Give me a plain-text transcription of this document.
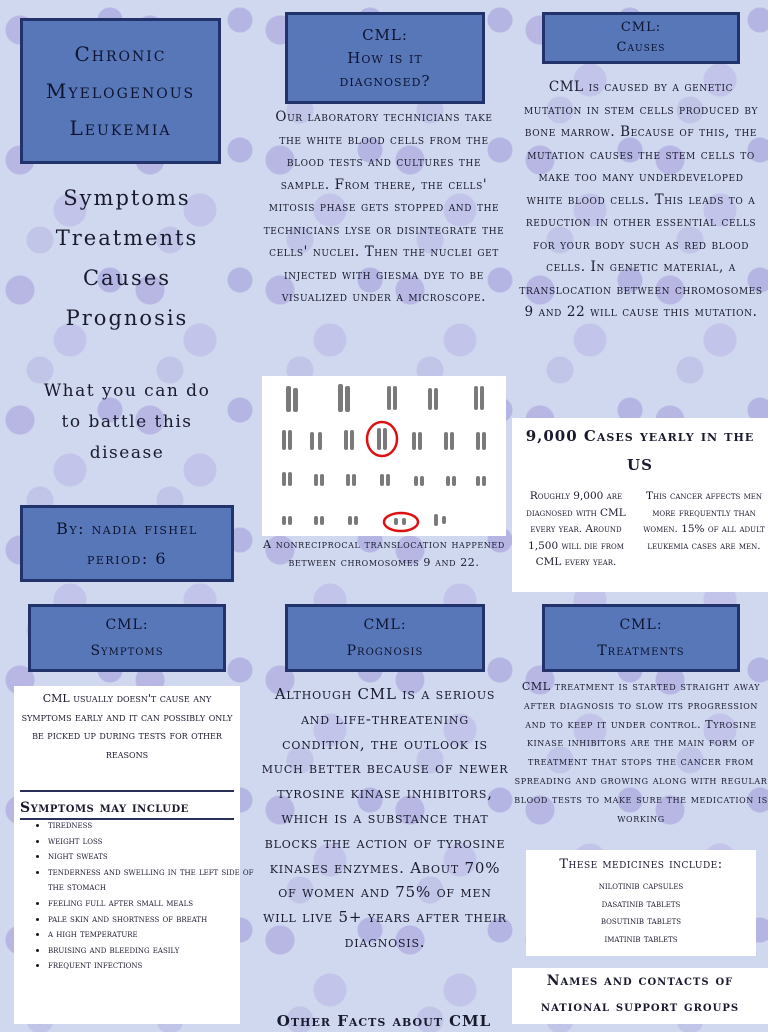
Chronic
Myelogenous
Leukemia
Symptoms
Treatments
Causes
Prognosis
What you can do
to battle this
disease
By: nadia fishel
period: 6
CML:
How is it
diagnosed?
Our laboratory technicians take the white blood cells from the blood tests and cultures the sample. From there, the cells' mitosis phase gets stopped and the technicians lyse or disintegrate the cells' nuclei. Then the nuclei get injected with giesma dye to be visualized under a microscope.
A nonreciprocal translocation happened between chromosomes 9 and 22.
CML:
Causes
CML is caused by a genetic mutation in stem cells produced by bone marrow. Because of this, the mutation causes the stem cells to make too many underdeveloped white blood cells. This leads to a reduction in other essential cells for your body such as red blood cells. In genetic material, a translocation between chromosomes 9 and 22 will cause this mutation.
9,000 Cases yearly in the US
Roughly 9,000 are diagnosed with CML every year. Around 1,500 will die from CML every year.
This cancer affects men more frequently than women. 15% of all adult leukemia cases are men.
CML:
Symptoms
CML usually doesn't cause any symptoms early and it can possibly only be picked up during tests for other reasons
Symptoms may include
• tiredness
• weight loss
• night sweats
• tenderness and swelling in the left side of the stomach
• feeling full after small meals
• pale skin and shortness of breath
• a high temperature
• bruising and bleeding easily
• frequent infections
CML:
Prognosis
Although CML is a serious and life-threatening condition, the outlook is much better because of newer tyrosine kinase inhibitors, which is a substance that blocks the action of tyrosine kinases enzymes. About 70% of women and 75% of men will live 5+ years after their diagnosis.
Other Facts about CML
CML:
Treatments
CML treatment is started straight away after diagnosis to slow its progression and to keep it under control. Tyrosine kinase inhibitors are the main form of treatment that stops the cancer from spreading and growing along with regular blood tests to make sure the medication is working
These medicines include:
nilotinib capsules
dasatinib tablets
bosutinib tablets
imatinib tablets
Names and contacts of national support groups
